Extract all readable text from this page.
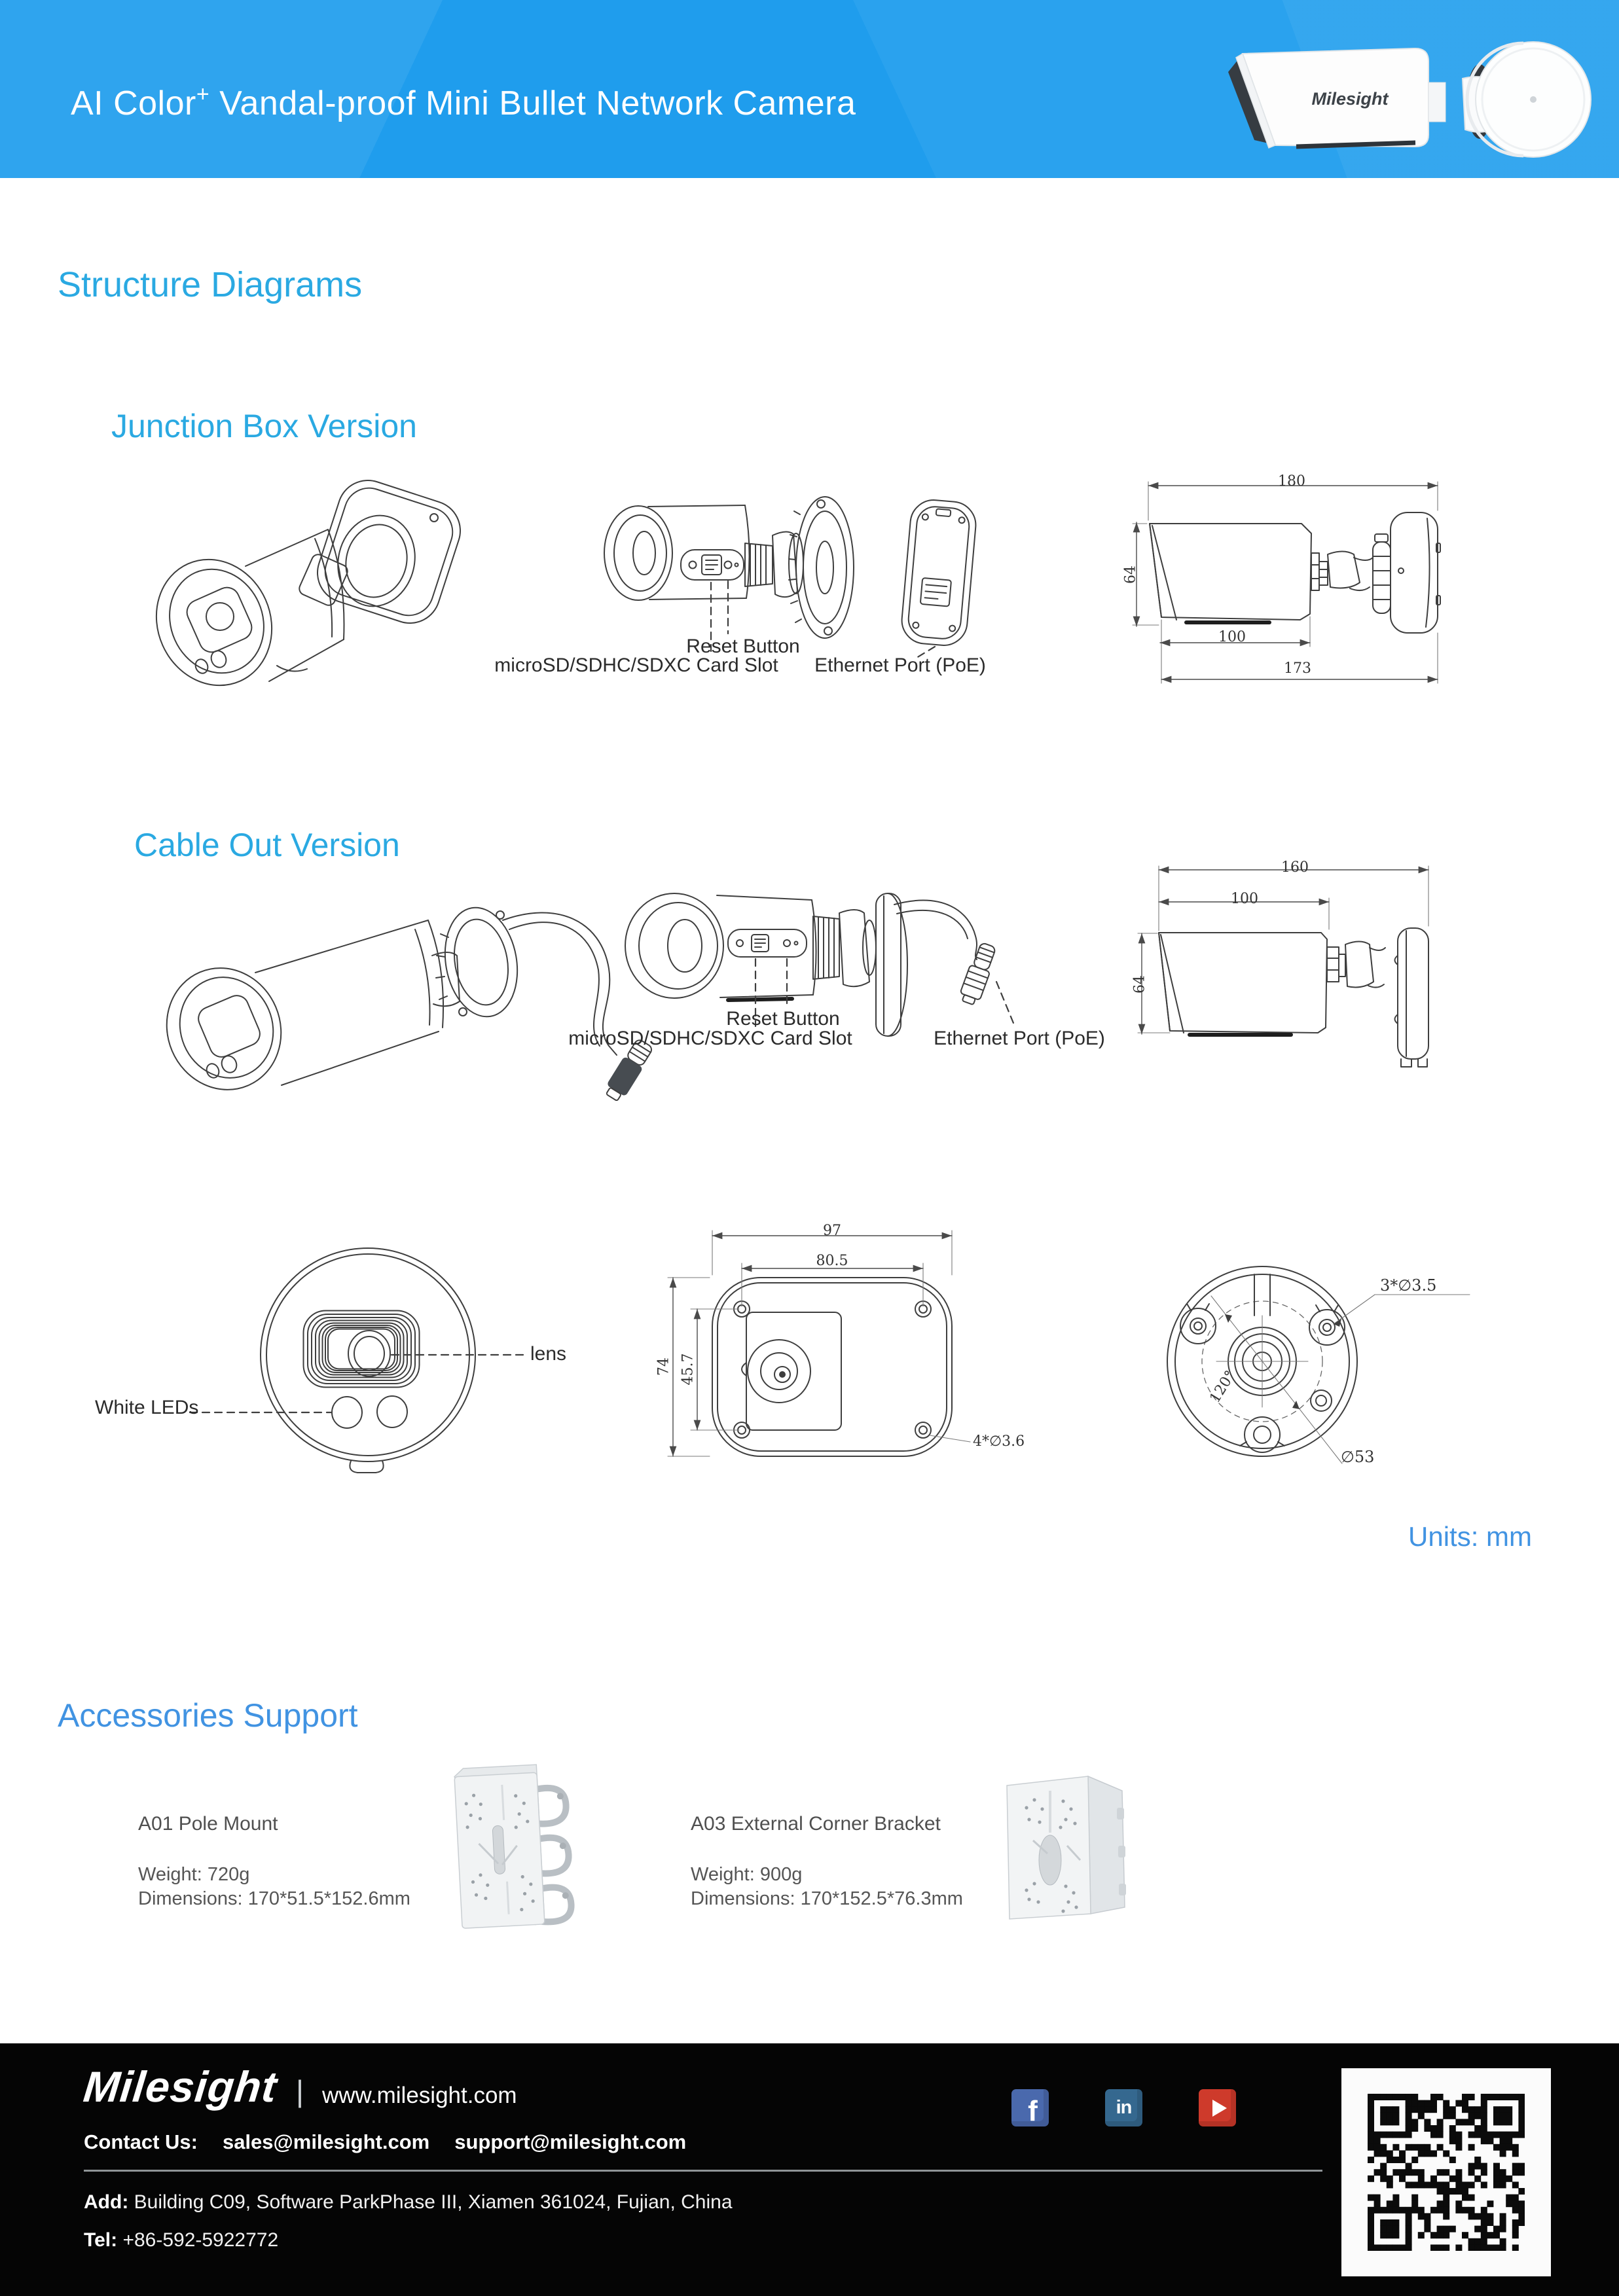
AI Color+ Vandal-proof Mini Bullet Network Camera	Milesight
Structure Diagrams
Junction Box Version
Cable Out Version
Reset Button
microSD/SDHC/SDXC Card Slot Ethernet Port (PoE)
180
64
100
173
Reset Button
microSD/SDHC/SDXC Card Slot	Ethernet Port (PoE)
160
100
64
lens
White LEDs
97
80.5
74 45.7
4*∅3.6
3*∅3.5
120°
∅53
Units: mm
Accessories Support
A01 Pole Mount
Weight: 720g
Dimensions: 170*51.5*152.6mm
A03 External Corner Bracket
Weight: 900g
Dimensions: 170*152.5*76.3mm
Milesight | www.milesight.com
Contact Us: sales@milesight.com support@milesight.com
Add: Building C09, Software ParkPhase III, Xiamen 361024, Fujian, China
Tel: +86-592-5922772
f	in
